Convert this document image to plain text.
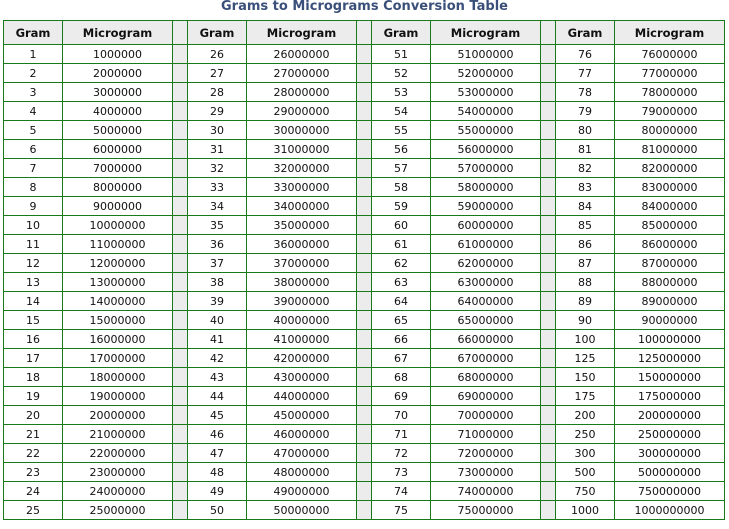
Grams to Micrograms Conversion Table
Gram	Microgram		Gram	Microgram		Gram	Microgram		Gram	Microgram
1	1000000		26	26000000		51	51000000		76	76000000
2	2000000		27	27000000		52	52000000		77	77000000
3	3000000		28	28000000		53	53000000		78	78000000
4	4000000		29	29000000		54	54000000		79	79000000
5	5000000		30	30000000		55	55000000		80	80000000
6	6000000		31	31000000		56	56000000		81	81000000
7	7000000		32	32000000		57	57000000		82	82000000
8	8000000		33	33000000		58	58000000		83	83000000
9	9000000		34	34000000		59	59000000		84	84000000
10	10000000		35	35000000		60	60000000		85	85000000
11	11000000		36	36000000		61	61000000		86	86000000
12	12000000		37	37000000		62	62000000		87	87000000
13	13000000		38	38000000		63	63000000		88	88000000
14	14000000		39	39000000		64	64000000		89	89000000
15	15000000		40	40000000		65	65000000		90	90000000
16	16000000		41	41000000		66	66000000		100	100000000
17	17000000		42	42000000		67	67000000		125	125000000
18	18000000		43	43000000		68	68000000		150	150000000
19	19000000		44	44000000		69	69000000		175	175000000
20	20000000		45	45000000		70	70000000		200	200000000
21	21000000		46	46000000		71	71000000		250	250000000
22	22000000		47	47000000		72	72000000		300	300000000
23	23000000		48	48000000		73	73000000		500	500000000
24	24000000		49	49000000		74	74000000		750	750000000
25	25000000		50	50000000		75	75000000		1000	1000000000
